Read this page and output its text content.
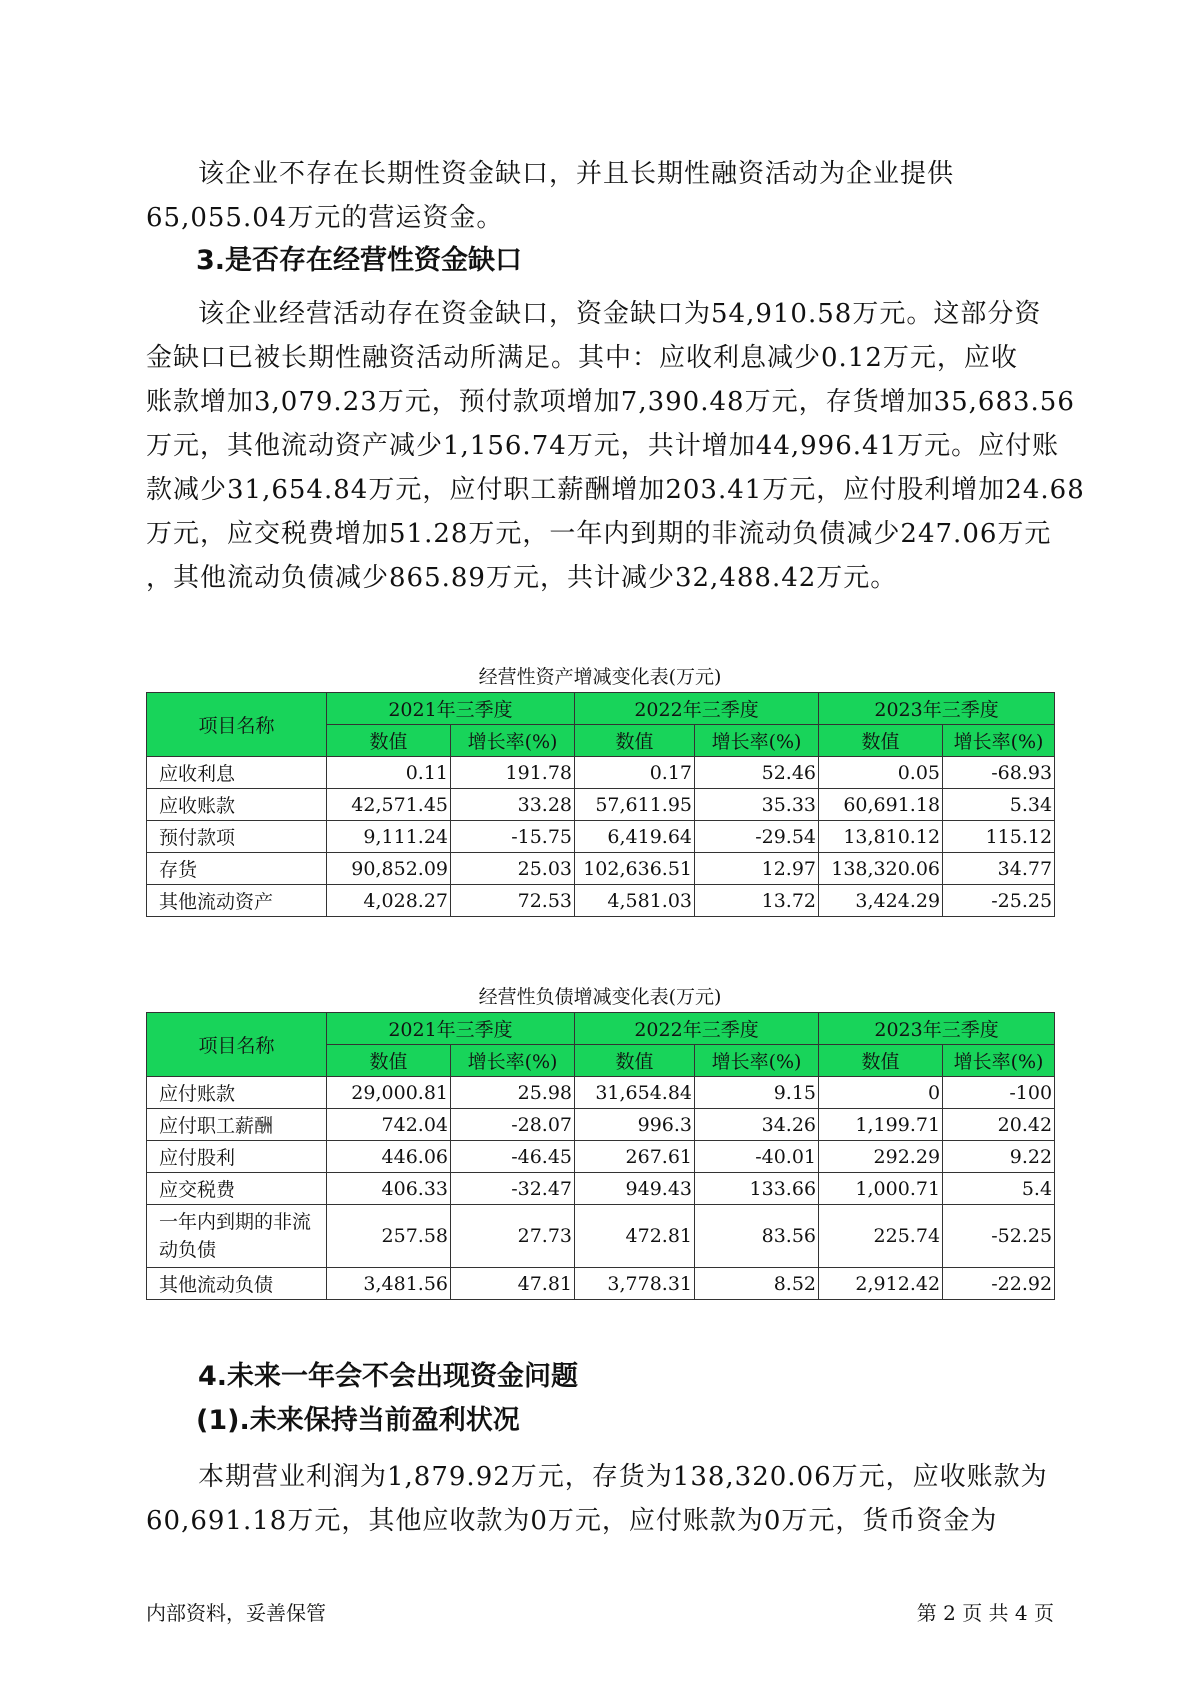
该企业不存在长期性资金缺口，并且长期性融资活动为企业提供
65,055.04万元的营运资金。
3.是否存在经营性资金缺口
该企业经营活动存在资金缺口，资金缺口为54,910.58万元。这部分资
金缺口已被长期性融资活动所满足。其中：应收利息减少0.12万元，应收
账款增加3,079.23万元，预付款项增加7,390.48万元，存货增加35,683.56
万元，其他流动资产减少1,156.74万元，共计增加44,996.41万元。应付账
款减少31,654.84万元，应付职工薪酬增加203.41万元，应付股利增加24.68
万元，应交税费增加51.28万元，一年内到期的非流动负债减少247.06万元
，其他流动负债减少865.89万元，共计减少32,488.42万元。

经营性资产增减变化表(万元)

项目名称	2021年三季度		2022年三季度		2023年三季度	
	数值	增长率(%)	数值	增长率(%)	数值	增长率(%)
应收利息	0.11	191.78	0.17	52.46	0.05	-68.93
应收账款	42,571.45	33.28	57,611.95	35.33	60,691.18	5.34
预付款项	9,111.24	-15.75	6,419.64	-29.54	13,810.12	115.12
存货	90,852.09	25.03	102,636.51	12.97	138,320.06	34.77
其他流动资产	4,028.27	72.53	4,581.03	13.72	3,424.29	-25.25

经营性负债增减变化表(万元)

项目名称	2021年三季度		2022年三季度		2023年三季度	
	数值	增长率(%)	数值	增长率(%)	数值	增长率(%)
应付账款	29,000.81	25.98	31,654.84	9.15	0	-100
应付职工薪酬	742.04	-28.07	996.3	34.26	1,199.71	20.42
应付股利	446.06	-46.45	267.61	-40.01	292.29	9.22
应交税费	406.33	-32.47	949.43	133.66	1,000.71	5.4
一年内到期的非流动负债	257.58	27.73	472.81	83.56	225.74	-52.25
其他流动负债	3,481.56	47.81	3,778.31	8.52	2,912.42	-22.92
4.未来一年会不会出现资金问题
(1).未来保持当前盈利状况
本期营业利润为1,879.92万元，存货为138,320.06万元，应收账款为
60,691.18万元，其他应收款为0万元，应付账款为0万元，货币资金为
内部资料，妥善保管	第 2 页 共 4 页
